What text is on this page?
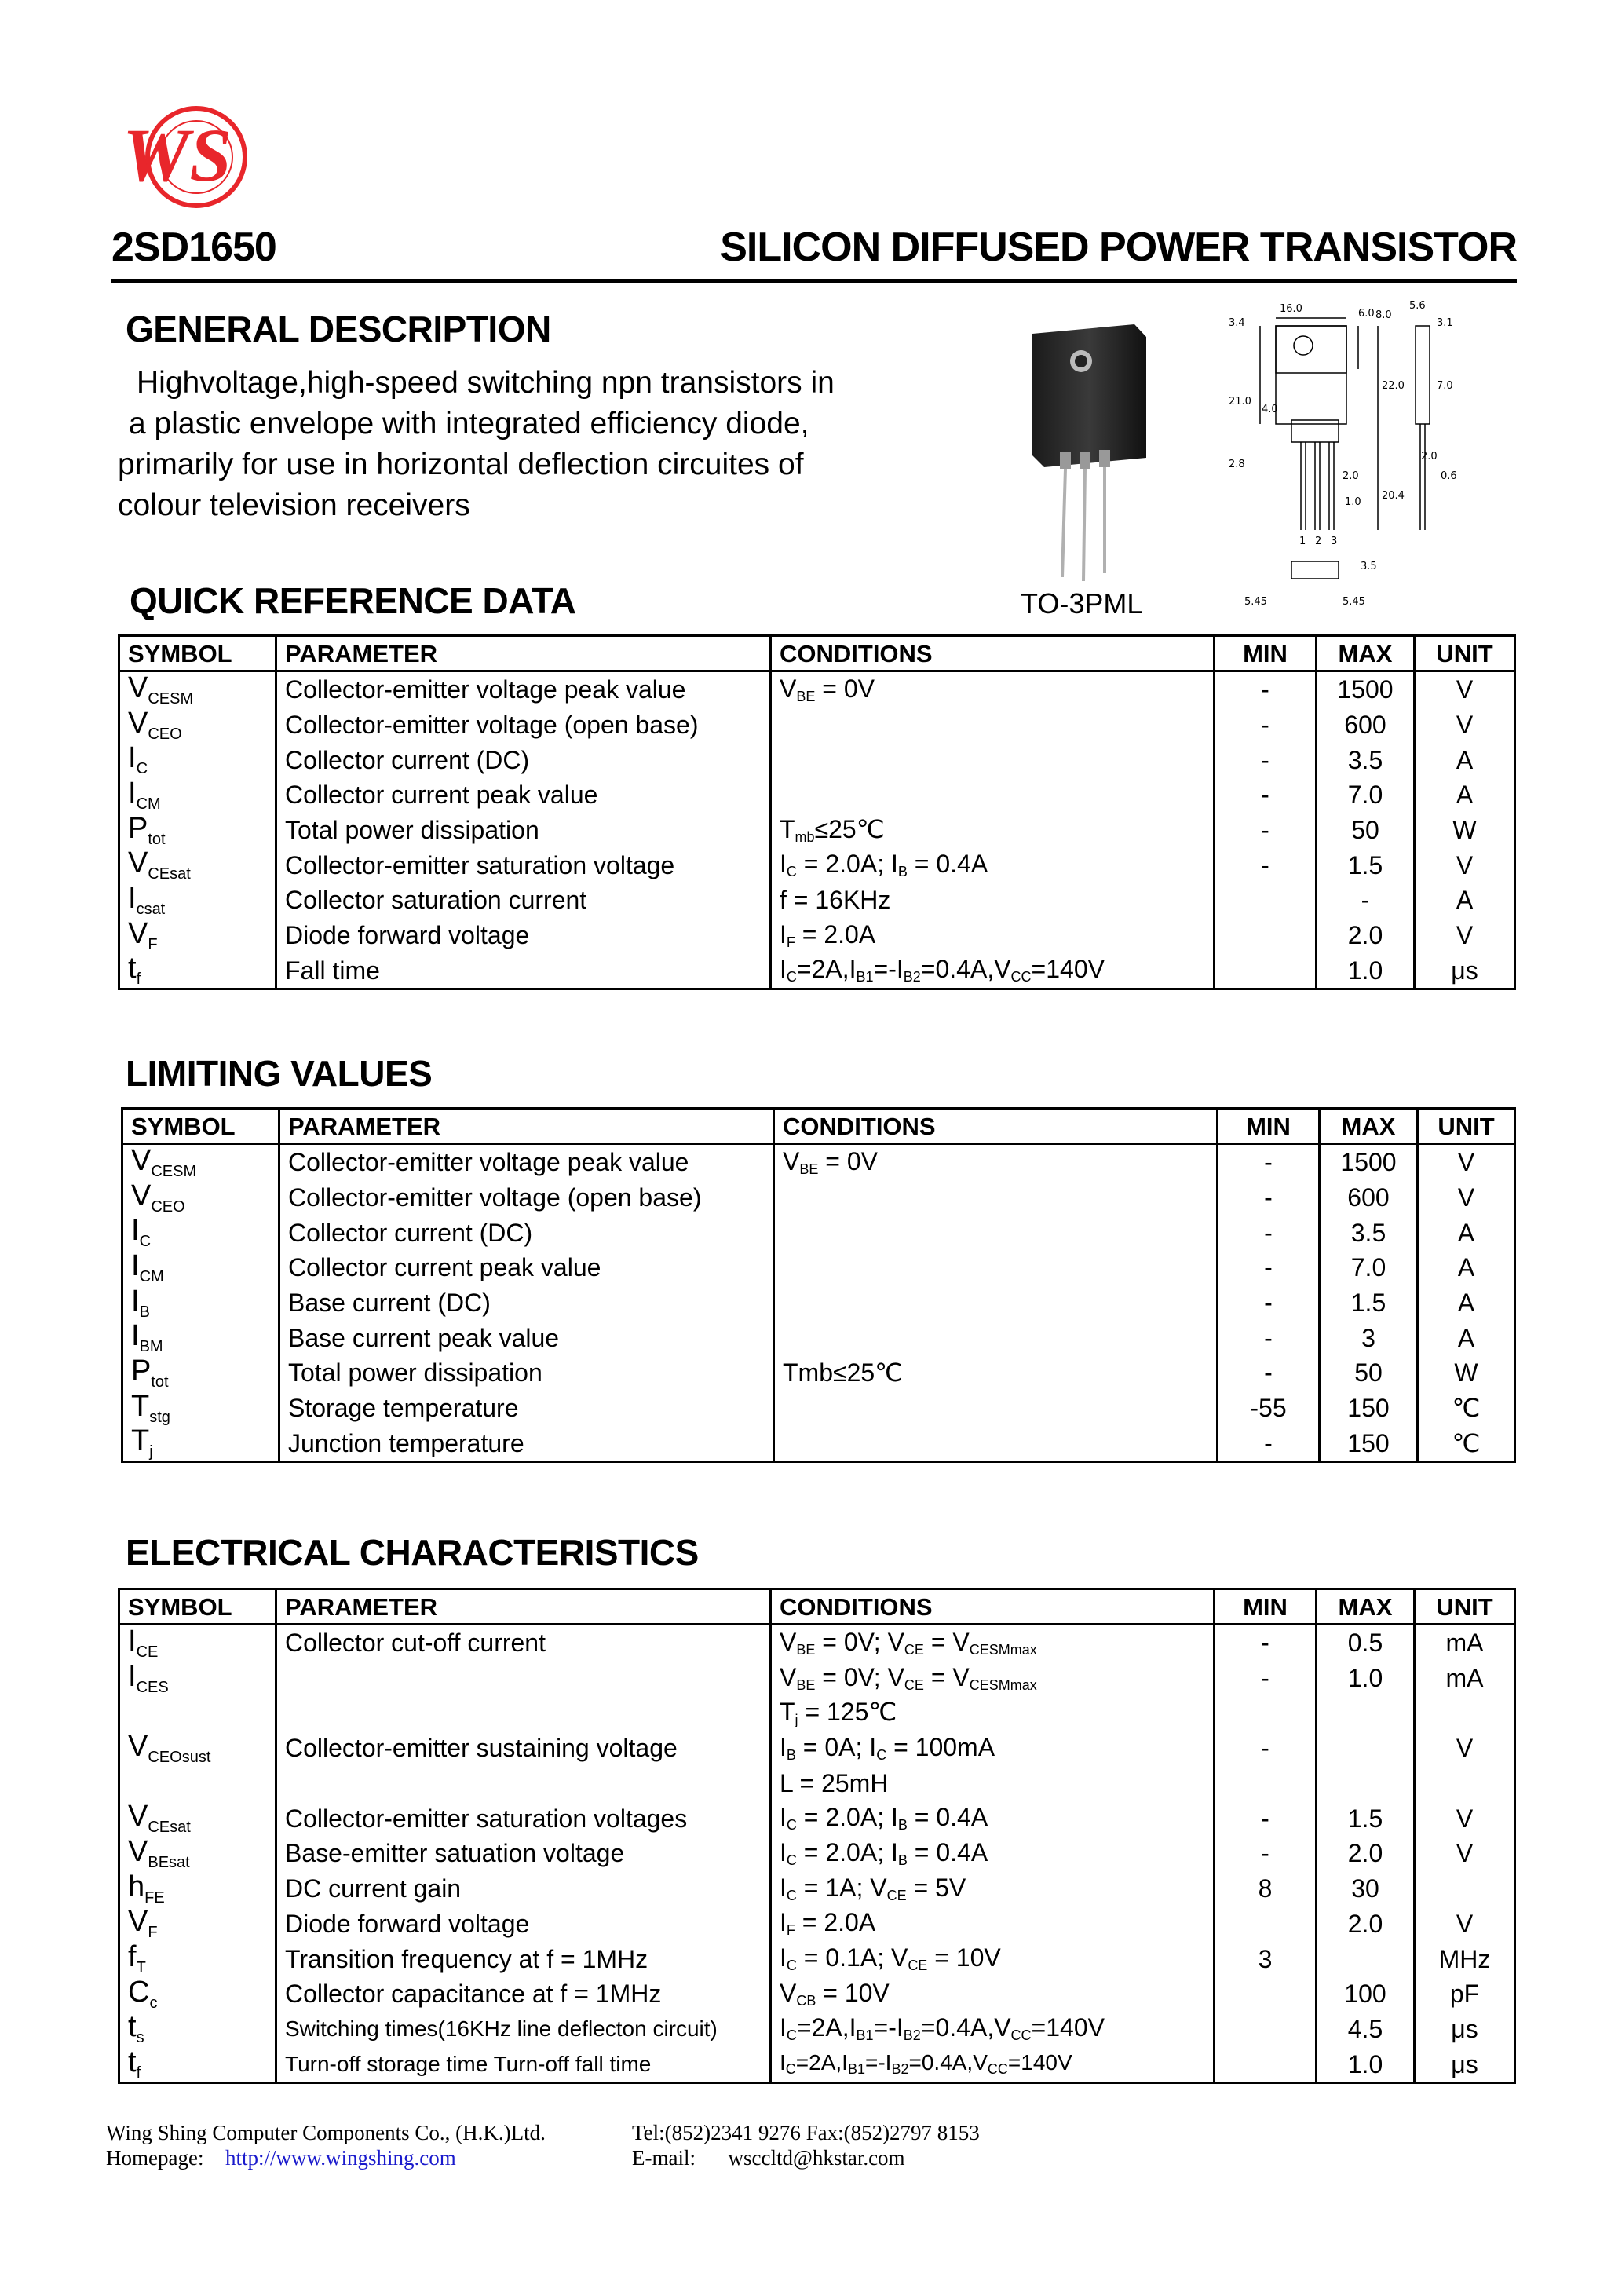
WS
2SD1650	SILICON DIFFUSED POWER TRANSISTOR
GENERAL DESCRIPTION

Highvoltage,high-speed switching npn transistors in

a plastic envelope with integrated efficiency diode,

primarily for use in horizontal deflection circuites of

colour television receivers

TO-3PML
16.0
3.4
6.0 8.0
5.6
3.1
21.0
4.0
22.0	7.0
2.8
2.0
2.0
0.6
20.4
1.0
3.5
5.45	5.45
1 2 3
QUICK REFERENCE DATA
SYMBOL	PARAMETER	CONDITIONS	MIN	MAX	UNIT
$V_{CESM}$	Collector-emitter voltage peak value	$V_{BE} = 0V$	-	1500	V
$V_{CEO}$	Collector-emitter voltage (open base)		-	600	V
$I_C$	Collector current (DC)		-	3.5	A
$I_{CM}$	Collector current peak value		-	7.0	A
$P_{tot}$	Total power dissipation	$T_{mb}\le 25℃$	-	50	W
$V_{CEsat}$	Collector-emitter saturation voltage	$I_C = 2.0A$; $I_B = 0.4A$	-	1.5	V
$I_{csat}$	Collector saturation current	f = 16KHz		-	A
$V_F$	Diode forward voltage	$I_F = 2.0A$		2.0	V
$t_f$	Fall time	$I_C=2A,I_{B1}=-I_{B2}=0.4A,V_{CC}=140V$		1.0	μs
LIMITING VALUES
SYMBOL	PARAMETER	CONDITIONS	MIN	MAX	UNIT
$V_{CESM}$	Collector-emitter voltage peak value	$V_{BE} = 0V$	-	1500	V
$V_{CEO}$	Collector-emitter voltage (open base)		-	600	V
$I_C$	Collector current (DC)		-	3.5	A
$I_{CM}$	Collector current peak value		-	7.0	A
$I_B$	Base current (DC)		-	1.5	A
$I_{BM}$	Base current peak value		-	3	A
$P_{tot}$	Total power dissipation	Tmb≤25℃	-	50	W
$T_{stg}$	Storage temperature		-55	150	℃
$T_j$	Junction temperature		-	150	℃
ELECTRICAL CHARACTERISTICS
SYMBOL	PARAMETER	CONDITIONS	MIN	MAX	UNIT
$I_{CE}$	Collector cut-off current	$V_{BE} = 0V$; $V_{CE} = V_{CESMmax}$	-	0.5	mA
$I_{CES}$		$V_{BE} = 0V$; $V_{CE} = V_{CESMmax}$	-	1.0	mA
		$T_j$ = 125℃			
$V_{CEOsust}$	Collector-emitter sustaining voltage	$I_B = 0A$; $I_C = 100mA$	-		V
		L = 25mH			
$V_{CEsat}$	Collector-emitter saturation voltages	$I_C = 2.0A$; $I_B = 0.4A$	-	1.5	V
$V_{BEsat}$	Base-emitter satuation voltage	$I_C = 2.0A$; $I_B = 0.4A$	-	2.0	V
$h_{FE}$	DC current gain	$I_C = 1A$; $V_{CE} = 5V$	8	30	
$V_F$	Diode forward voltage	$I_F = 2.0A$		2.0	V
$f_T$	Transition frequency at f = 1MHz	$I_C = 0.1A$; $V_{CE} = 10V$	3		MHz
$C_c$	Collector capacitance at f = 1MHz	$V_{CB} = 10V$		100	pF
$t_s$	Switching times(16KHz line deflecton circuit)	$I_C=2A,I_{B1}=-I_{B2}=0.4A,V_{CC}=140V$		4.5	μs
$t_f$	Turn-off storage time Turn-off fall time	$I_C=2A,I_{B1}=-I_{B2}=0.4A,V_{CC}=140V$		1.0	μs
Wing Shing Computer Components Co., (H.K.)Ltd.
Homepage: http://www.wingshing.com
Tel:(852)2341 9276 Fax:(852)2797 8153
E-mail: wsccltd@hkstar.com
